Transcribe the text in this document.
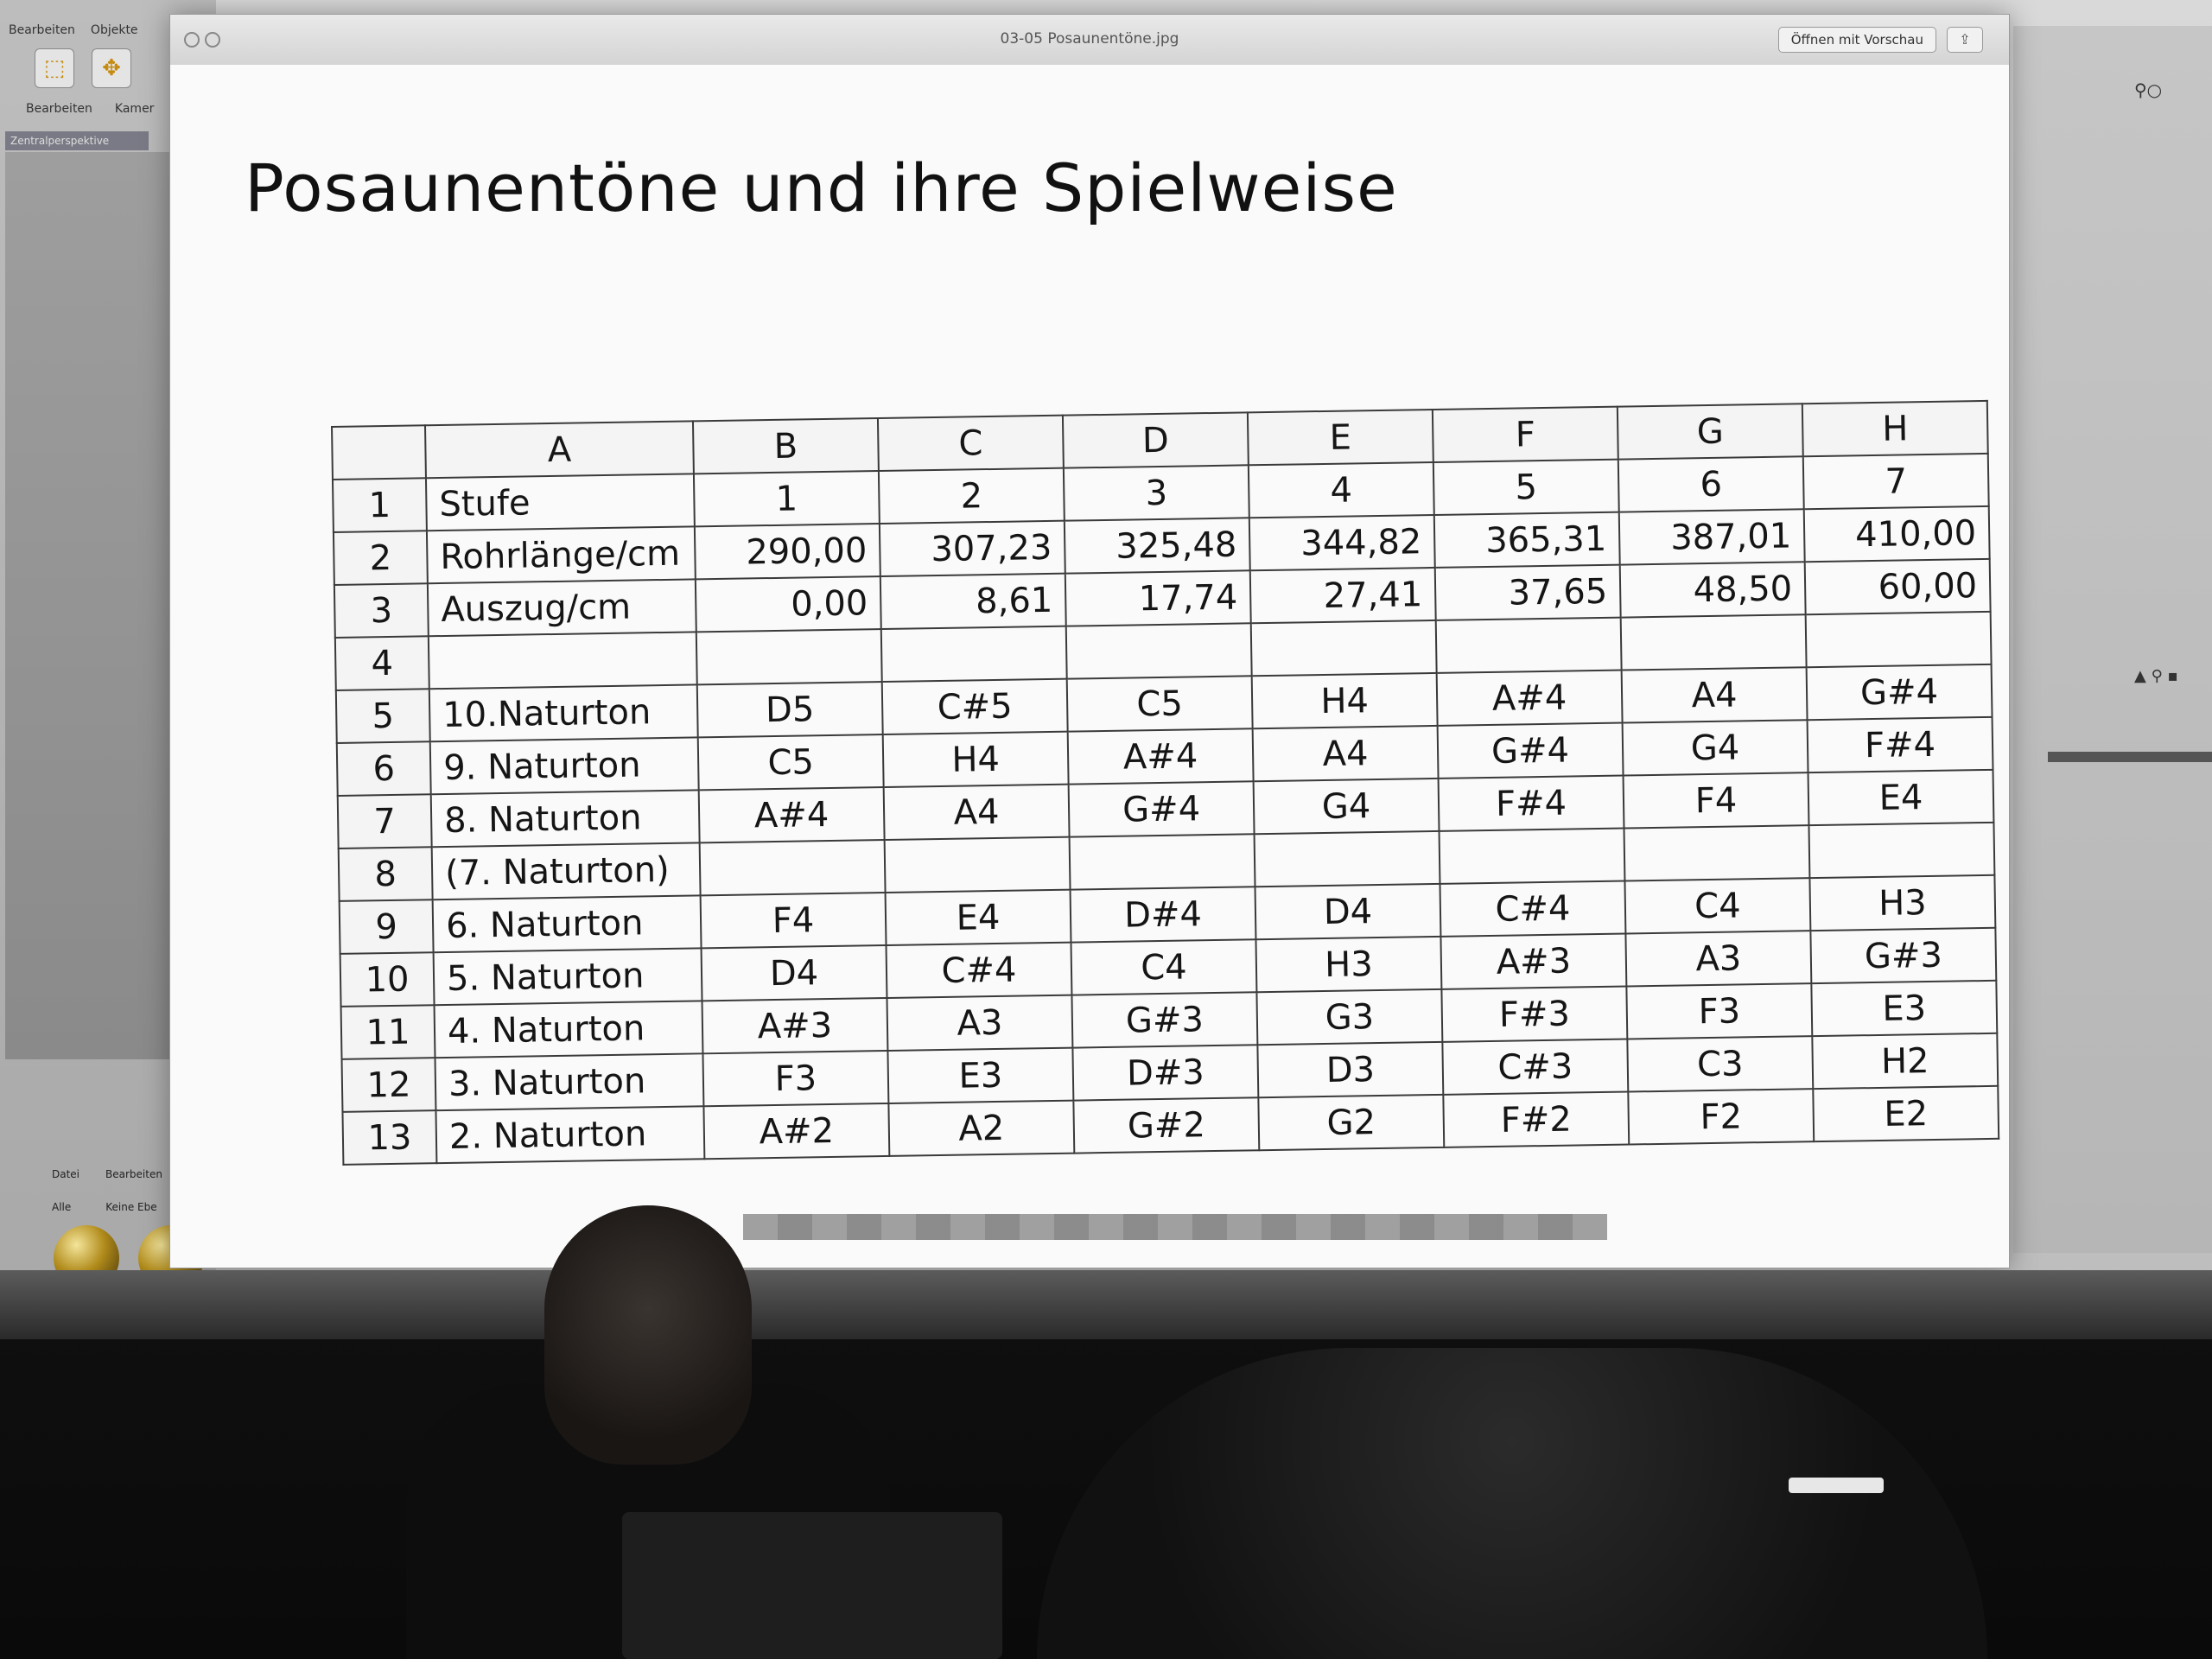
Bearbeiten Objekte
⬚	✥
Bearbeiten Kamer
Zentralperspektive
Datei	Bearbeiten
Alle	Keine Ebe
⚲○
▲ ⚲ ▪
03-05 Posaunentöne.jpg	Öffnen mit Vorschau	⇪
Posaunentöne und ihre Spielweise
	A	B	C	D	E	F	G	H
1	Stufe	1	2	3	4	5	6	7
2	Rohrlänge/cm	290,00	307,23	325,48	344,82	365,31	387,01	410,00
3	Auszug/cm	0,00	8,61	17,74	27,41	37,65	48,50	60,00
4								
5	10.Naturton	D5	C#5	C5	H4	A#4	A4	G#4
6	9. Naturton	C5	H4	A#4	A4	G#4	G4	F#4
7	8. Naturton	A#4	A4	G#4	G4	F#4	F4	E4
8	(7. Naturton)							
9	6. Naturton	F4	E4	D#4	D4	C#4	C4	H3
10	5. Naturton	D4	C#4	C4	H3	A#3	A3	G#3
11	4. Naturton	A#3	A3	G#3	G3	F#3	F3	E3
12	3. Naturton	F3	E3	D#3	D3	C#3	C3	H2
13	2. Naturton	A#2	A2	G#2	G2	F#2	F2	E2
